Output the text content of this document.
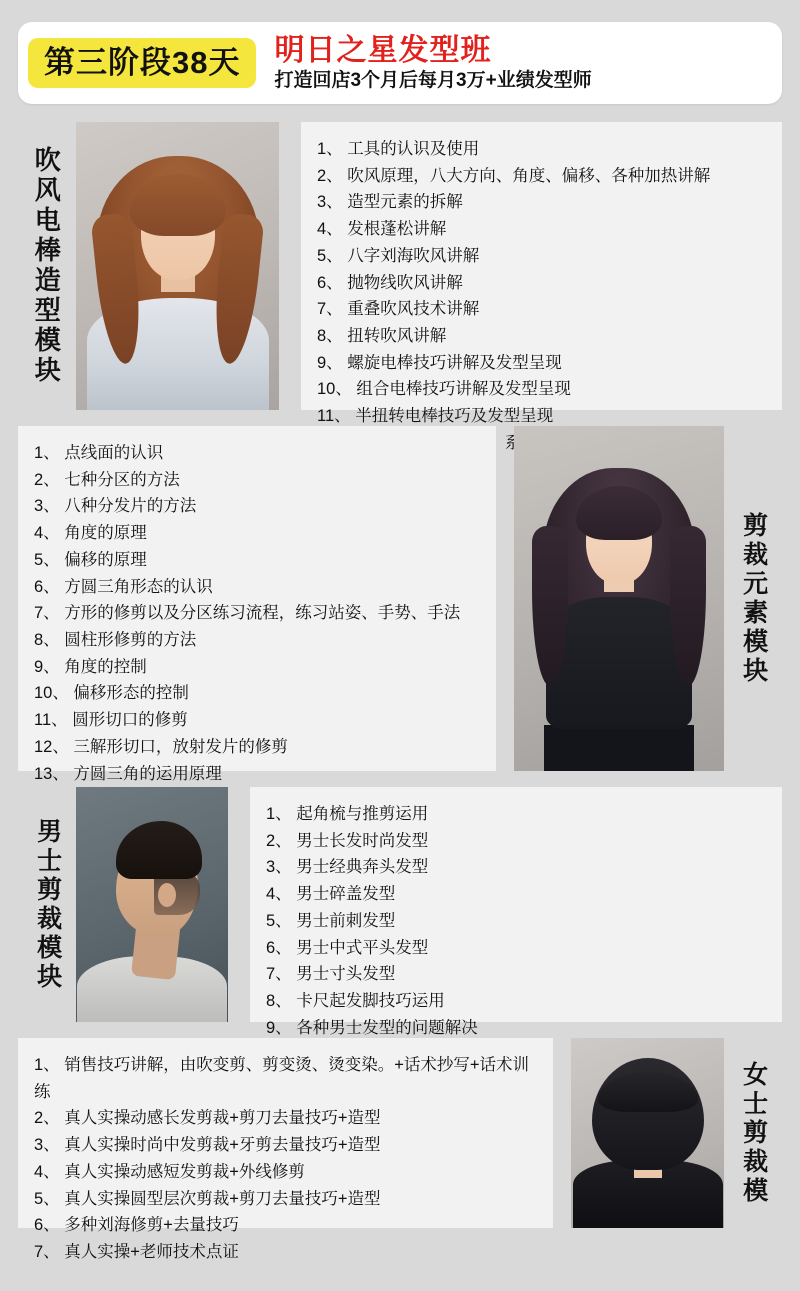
第三阶段38天	明日之星发型班
打造回店3个月后每月3万+业绩发型师
吹风电棒造型模块	1、 工具的认识及使用
2、 吹风原理，八大方向、角度、偏移、各种加热讲解
3、 造型元素的拆解
4、 发根蓬松讲解
5、 八字刘海吹风讲解
6、 抛物线吹风讲解
7、 重叠吹风技术讲解
8、 扭转吹风讲解
9、 螺旋电棒技巧讲解及发型呈现
10、 组合电棒技巧讲解及发型呈现
11、 半扭转电棒技巧及发型呈现
1、 点线面的认识
2、 七种分区的方法
3、 八种分发片的方法
4、 角度的原理
5、 偏移的原理
6、 方圆三角形态的认识
7、 方形的修剪以及分区练习流程，练习站姿、手势、手法
8、 圆柱形修剪的方法
9、 角度的控制
10、 偏移形态的控制
11、 圆形切口的修剪
12、 三解形切口，放射发片的修剪
13、 方圆三角的运用原理
剪裁元素模块
男士剪裁模块
1、 起角梳与推剪运用
2、 男士长发时尚发型
3、 男士经典奔头发型
4、 男士碎盖发型
5、 男士前刺发型
6、 男士中式平头发型
7、 男士寸头发型
8、 卡尺起发脚技巧运用
9、 各种男士发型的问题解决
1、 销售技巧讲解，由吹变剪、剪变烫、烫变染。+话术抄写+话术训练
2、 真人实操动感长发剪裁+剪刀去量技巧+造型
3、 真人实操时尚中发剪裁+牙剪去量技巧+造型
4、 真人实操动感短发剪裁+外线修剪
5、 真人实操圆型层次剪裁+剪刀去量技巧+造型
6、 多种刘海修剪+去量技巧
7、 真人实操+老师技术点证
女士剪裁模
